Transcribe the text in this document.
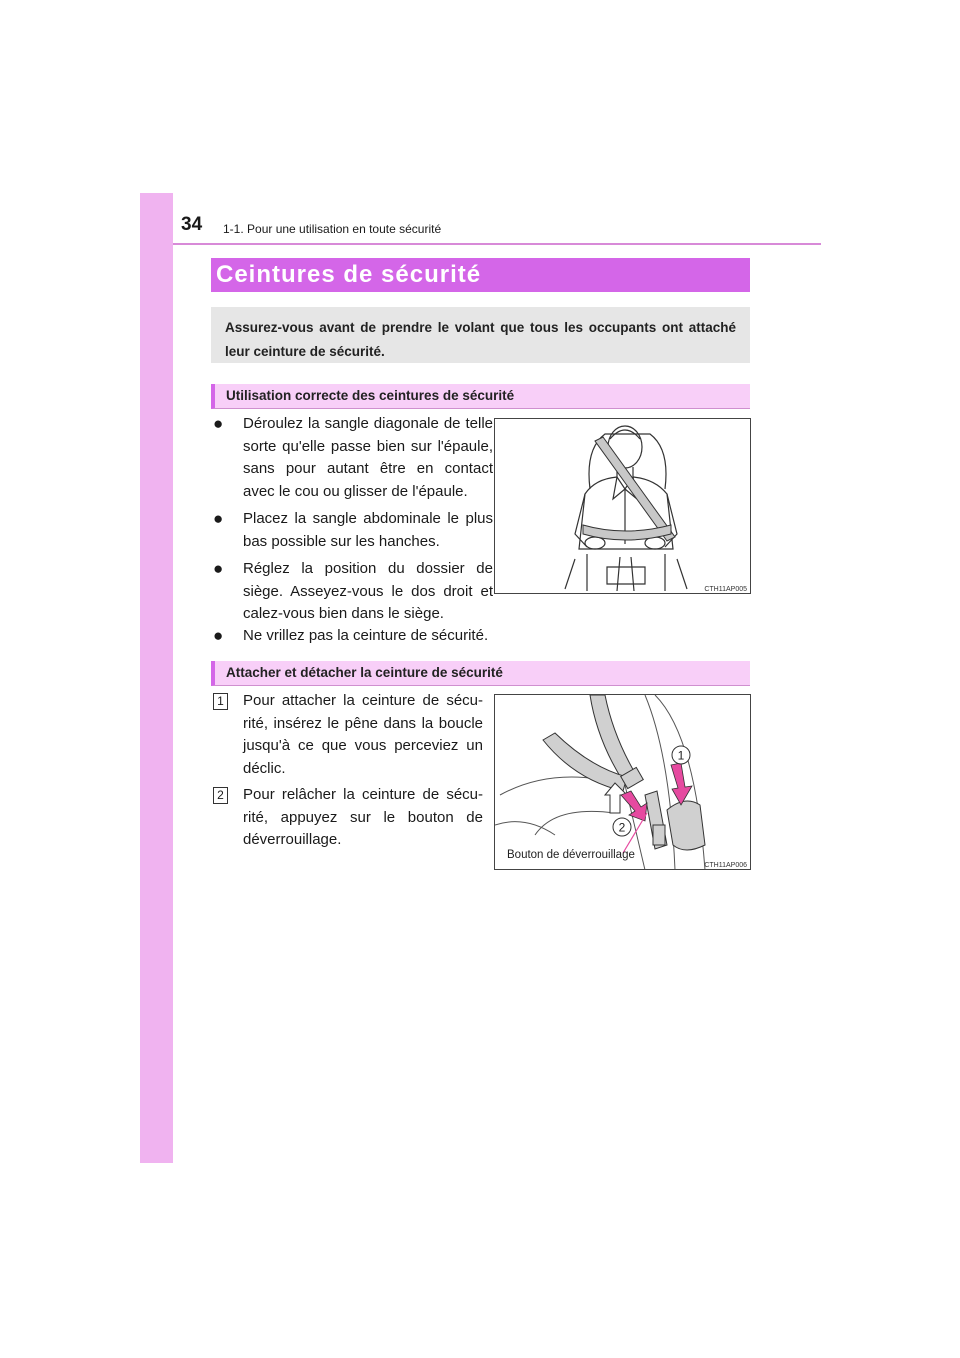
34 1-1. Pour une utilisation en toute sécurité
Ceintures de sécurité
Assurez-vous avant de prendre le volant que tous les occupants ont attaché leur ceinture de sécurité.
Utilisation correcte des ceintures de sécurité
● Déroulez la sangle diagonale de telle sorte qu'elle passe bien sur l'épaule, sans pour autant être en contact avec le cou ou glisser de l'épaule.
● Placez la sangle abdominale le plus bas possible sur les hanches.
● Réglez la position du dossier de siège. Asseyez-vous le dos droit et calez-vous bien dans le siège.
● Ne vrillez pas la ceinture de sécurité.
CTH11AP005
Attacher et détacher la ceinture de sécurité
1 Pour attacher la ceinture de sécu-rité, insérez le pêne dans la boucle jusqu'à ce que vous perceviez un déclic.
2 Pour relâcher la ceinture de sécu-rité, appuyez sur le bouton de déverrouillage.
1
2
Bouton de déverrouillage
CTH11AP006
